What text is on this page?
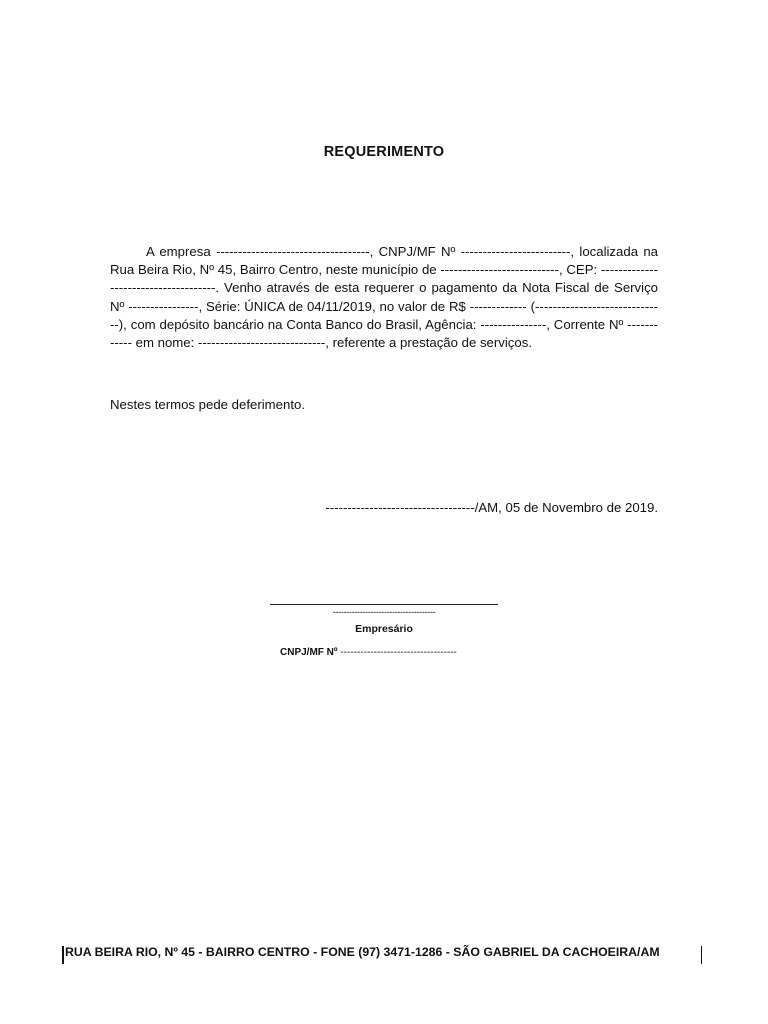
REQUERIMENTO

A empresa -----------------------------------, CNPJ/MF Nº -------------------------, localizada na Rua Beira Rio, Nº 45, Bairro Centro, neste município de ---------------------------, CEP: -------------------------------------. Venho através de esta requerer o pagamento da Nota Fiscal de Serviço Nº ----------------, Série: ÚNICA de 04/11/2019, no valor de R$ ------------- (------------------------------), com depósito bancário na Conta Banco do Brasil, Agência: ---------------, Corrente Nº ------------ em nome: -----------------------------, referente a prestação de serviços.

Nestes termos pede deferimento.

----------------------------------/AM, 05 de Novembro de 2019.

--------------------------------------
Empresário
CNPJ/MF Nº -----------------------------------
RUA BEIRA RIO, Nº 45 - BAIRRO CENTRO - FONE (97) 3471-1286 - SÃO GABRIEL DA CACHOEIRA/AM
